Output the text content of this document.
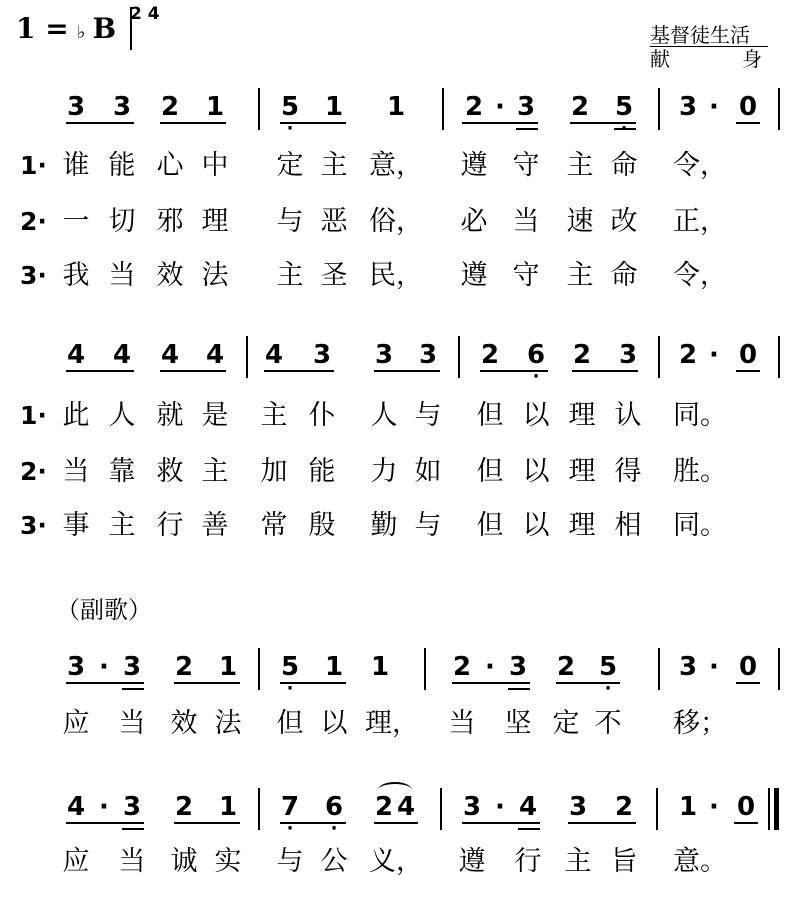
1 = B
♭
2 4
基督徒生活
献	身
3 3 2 1 5
·
1 1 2 · 3 2 5
·
3 · 0
1· 谁 能 心 中 定 主 意， 遵 守 主 命 令，
2· 一 切 邪 理 与 恶 俗， 必 当 速 改 正，
3· 我 当 效 法 主 圣 民， 遵 守 主 命 令，
4 4 4 4 4 3 3 3 2 6
·
2 3 2 · 0
1· 此 人 就 是 主 仆 人 与 但 以 理 认 同。
2· 当 靠 救 主 加 能 力 如 但 以 理 得 胜。
3· 事 主 行 善 常 殷 勤 与 但 以 理 相 同。
（副歌）
3 · 3 2 1 5
·
1 1 2 · 3 2 5
·
3 · 0
应 当 效 法 但 以 理， 当 坚 定 不 移；
4 · 3 2 1 7
·
6
·
2 4 3 · 4 3 2 1 · 0
应 当 诚 实 与 公 义， 遵 行 主 旨 意。
